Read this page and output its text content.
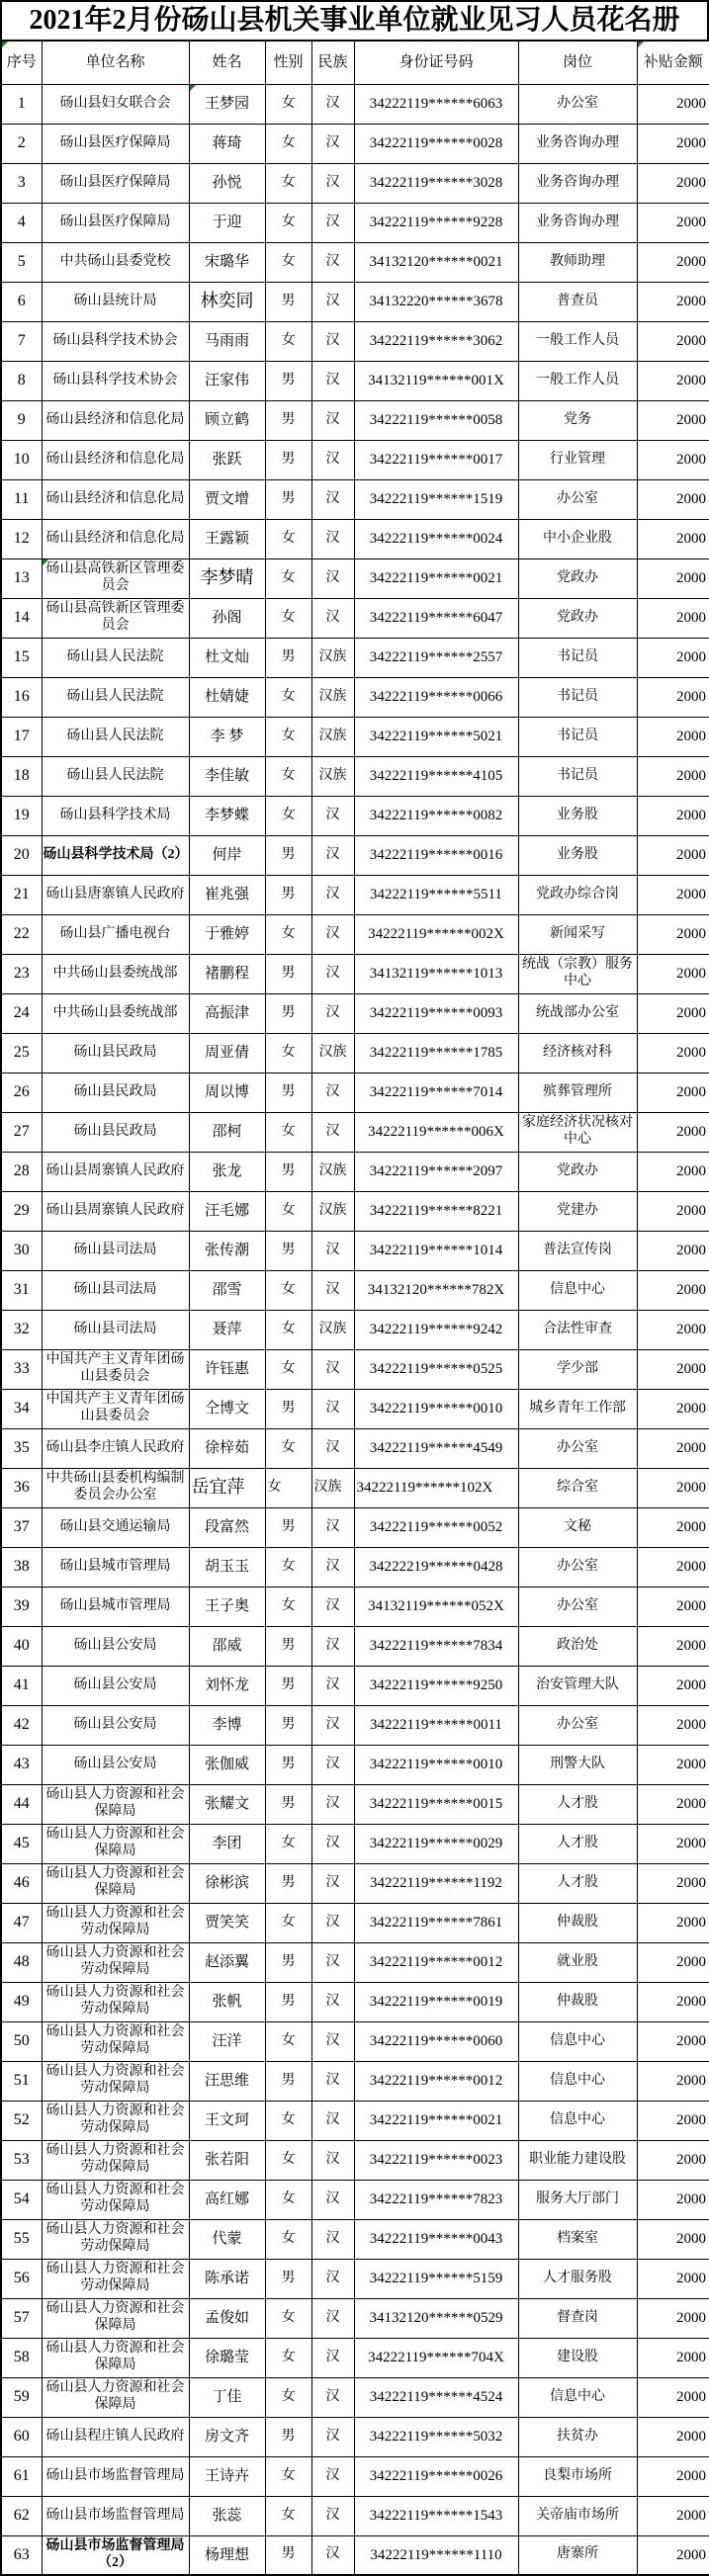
2021年2月份砀山县机关事业单位就业见习人员花名册
序号	单位名称	姓名	性别	民族	身份证号码	岗位	补贴金额

1	砀山县妇女联合会	王梦园	女	汉	34222119******6063	办公室	2000
2	砀山县医疗保障局	蒋琦	女	汉	34222119******0028	业务咨询办理	2000
3	砀山县医疗保障局	孙悦	女	汉	34222119******3028	业务咨询办理	2000
4	砀山县医疗保障局	于迎	女	汉	34222119******9228	业务咨询办理	2000
5	中共砀山县委党校	宋璐华	女	汉	34132120******0021	教师助理	2000
6	砀山县统计局	林奕同	男	汉	34132220******3678	普查员	2000
7	砀山县科学技术协会	马雨雨	女	汉	34222119******3062	一般工作人员	2000
8	砀山县科学技术协会	汪家伟	男	汉	34132119******001X	一般工作人员	2000
9	砀山县经济和信息化局	顾立鹤	男	汉	34222119******0058	党务	2000
10	砀山县经济和信息化局	张跃	男	汉	34222119******0017	行业管理	2000
11	砀山县经济和信息化局	贾文增	男	汉	34222119******1519	办公室	2000
12	砀山县经济和信息化局	王露颖	女	汉	34222119******0024	中小企业股	2000
13	砀山县高铁新区管理委员会	李梦晴	女	汉	34222119******0021	党政办	2000
14	砀山县高铁新区管理委员会	孙阁	女	汉	34222119******6047	党政办	2000
15	砀山县人民法院	杜文灿	男	汉族	34222119******2557	书记员	2000
16	砀山县人民法院	杜婧婕	女	汉族	34222119******0066	书记员	2000
17	砀山县人民法院	李 梦	女	汉族	34222119******5021	书记员	2000
18	砀山县人民法院	李佳敏	女	汉族	34222119******4105	书记员	2000
19	砀山县科学技术局	李梦蝶	女	汉	34222119******0082	业务股	2000
20	砀山县科学技术局（2）	何岸	男	汉	34222119******0016	业务股	2000
21	砀山县唐寨镇人民政府	崔兆强	男	汉	34222119******5511	党政办综合岗	2000
22	砀山县广播电视台	于雅婷	女	汉	34222119******002X	新闻采写	2000
23	中共砀山县委统战部	褚鹏程	男	汉	34132119******1013	统战（宗教）服务中心	2000
24	中共砀山县委统战部	高振津	男	汉	34222119******0093	统战部办公室	2000
25	砀山县民政局	周亚倩	女	汉族	34222119******1785	经济核对科	2000
26	砀山县民政局	周以博	男	汉	34222119******7014	殡葬管理所	2000
27	砀山县民政局	邵柯	女	汉	34222119******006X	家庭经济状况核对中心	2000
28	砀山县周寨镇人民政府	张龙	男	汉族	34222119******2097	党政办	2000
29	砀山县周寨镇人民政府	汪毛娜	女	汉族	34222119******8221	党建办	2000
30	砀山县司法局	张传潮	男	汉	34222119******1014	普法宣传岗	2000
31	砀山县司法局	邵雪	女	汉	34132120******782X	信息中心	2000
32	砀山县司法局	聂萍	女	汉族	34222119******9242	合法性审查	2000
33	中国共产主义青年团砀山县委员会	许钰惠	女	汉	34222119******0525	学少部	2000
34	中国共产主义青年团砀山县委员会	仝博文	男	汉	34222119******0010	城乡青年工作部	2000
35	砀山县李庄镇人民政府	徐梓茹	女	汉	34222119******4549	办公室	2000
36	中共砀山县委机构编制委员会办公室	岳宜萍	女	汉族	34222119******102X	综合室	2000
37	砀山县交通运输局	段富然	男	汉	34222119******0052	文秘	2000
38	砀山县城市管理局	胡玉玉	女	汉	34222219******0428	办公室	2000
39	砀山县城市管理局	王子奥	女	汉	34132119******052X	办公室	2000
40	砀山县公安局	邵威	男	汉	34222119******7834	政治处	2000
41	砀山县公安局	刘怀龙	男	汉	34222119******9250	治安管理大队	2000
42	砀山县公安局	李博	男	汉	34222119******0011	办公室	2000
43	砀山县公安局	张伽威	男	汉	34222119******0010	刑警大队	2000
44	砀山县人力资源和社会保障局	张耀文	男	汉	34222119******0015	人才股	2000
45	砀山县人力资源和社会保障局	李团	女	汉	34222119******0029	人才股	2000
46	砀山县人力资源和社会保障局	徐彬滨	男	汉	34222119******1192	人才股	2000
47	砀山县人力资源和社会劳动保障局	贾笑笑	女	汉	34222119******7861	仲裁股	2000
48	砀山县人力资源和社会劳动保障局	赵添翼	男	汉	34222119******0012	就业股	2000
49	砀山县人力资源和社会劳动保障局	张帆	男	汉	34222119******0019	仲裁股	2000
50	砀山县人力资源和社会劳动保障局	汪洋	女	汉	34222119******0060	信息中心	2000
51	砀山县人力资源和社会劳动保障局	汪思维	男	汉	34222119******0012	信息中心	2000
52	砀山县人力资源和社会劳动保障局	王文珂	女	汉	34222119******0021	信息中心	2000
53	砀山县人力资源和社会劳动保障局	张若阳	女	汉	34222119******0023	职业能力建设股	2000
54	砀山县人力资源和社会劳动保障局	高红娜	女	汉	34222119******7823	服务大厅部门	2000
55	砀山县人力资源和社会劳动保障局	代蒙	女	汉	34222119******0043	档案室	2000
56	砀山县人力资源和社会劳动保障局	陈承诺	男	汉	34222119******5159	人才服务股	2000
57	砀山县人力资源和社会保障局	孟俊如	女	汉	34132120******0529	督查岗	2000
58	砀山县人力资源和社会保障局	徐璐莹	女	汉	34222119******704X	建设股	2000
59	砀山县人力资源和社会保障局	丁佳	女	汉	34222119******4524	信息中心	2000
60	砀山县程庄镇人民政府	房文齐	男	汉	34222119******5032	扶贫办	2000
61	砀山县市场监督管理局	王诗卉	女	汉	34222119******0026	良梨市场所	2000
62	砀山县市场监督管理局	张蕊	女	汉	34222119******1543	关帝庙市场所	2000
63	砀山县市场监督管理局（2）	杨理想	男	汉	34222119******1110	唐寨所	2000
